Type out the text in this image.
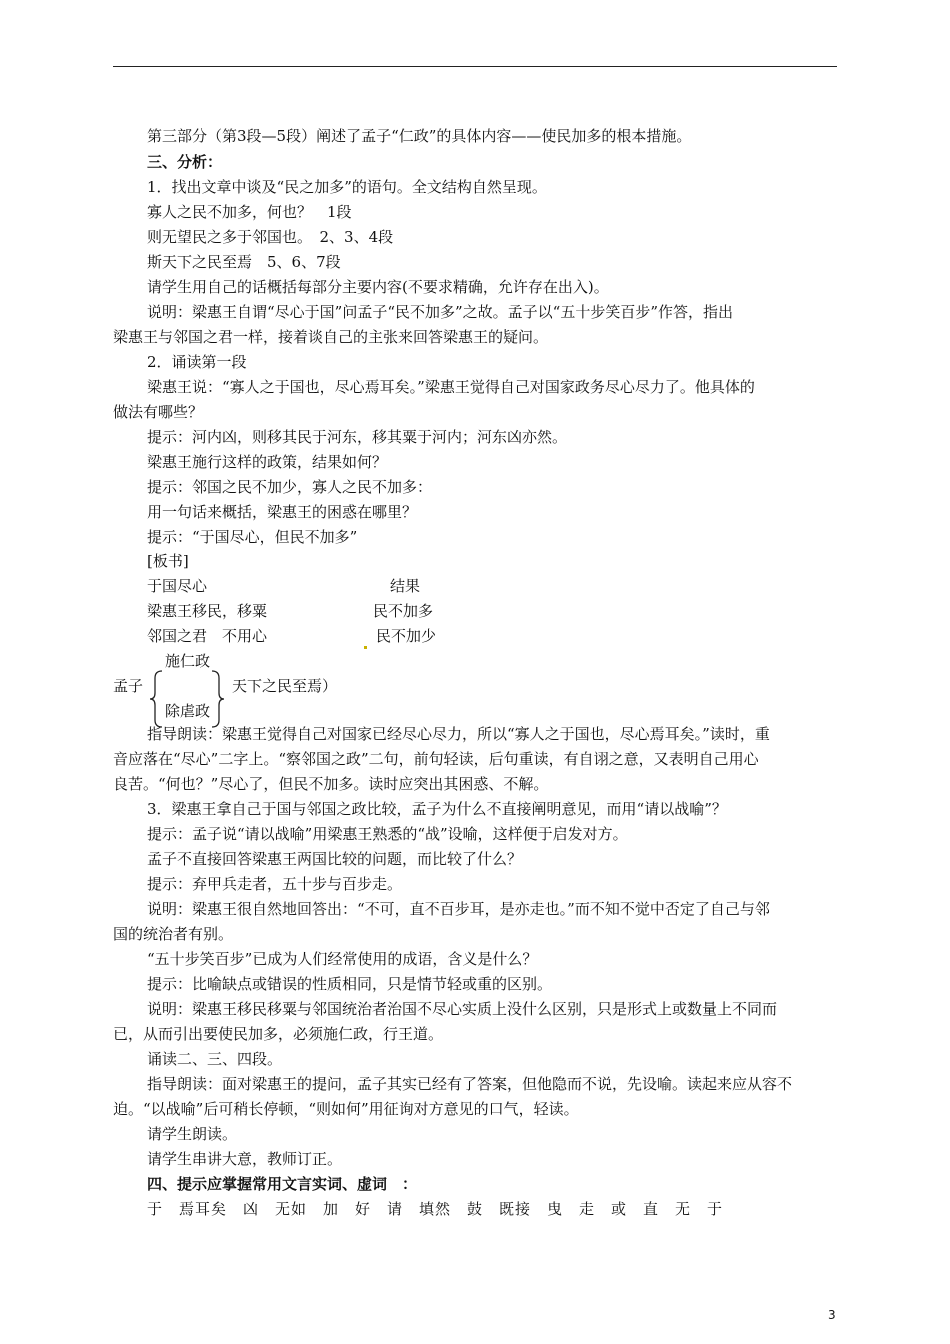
第三部分（第3段—5段）阐述了孟子“仁政”的具体内容——使民加多的根本措施。
三、分析：
1．找出文章中谈及“民之加多”的语句。全文结构自然呈现。
寡人之民不加多，何也？　1段
则无望民之多于邻国也。　2、3、4段
斯天下之民至焉　5、6、7段
请学生用自己的话概括每部分主要内容(不要求精确，允许存在出入)。
说明：梁惠王自谓“尽心于国”问孟子“民不加多”之故。孟子以“五十步笑百步”作答，指出
梁惠王与邻国之君一样，接着谈自己的主张来回答梁惠王的疑问。
2．诵读第一段
梁惠王说：“寡人之于国也，尽心焉耳矣。”梁惠王觉得自己对国家政务尽心尽力了。他具体的
做法有哪些？
提示：河内凶，则移其民于河东，移其粟于河内；河东凶亦然。
梁惠王施行这样的政策，结果如何？
提示：邻国之民不加少，寡人之民不加多：
用一句话来概括，梁惠王的困惑在哪里？
提示：“于国尽心，但民不加多”
[板书]
于国尽心	结果
梁惠王移民，移粟	民不加多
邻国之君　不用心	民不加少
施仁政
孟子	天下之民至焉）
除虐政
指导朗读：梁惠王觉得自己对国家已经尽心尽力，所以“寡人之于国也，尽心焉耳矣。”读时，重
音应落在“尽心”二字上。“察邻国之政”二句，前句轻读，后句重读，有自诩之意，又表明自己用心
良苦。“何也？”尽心了，但民不加多。读时应突出其困惑、不解。
3．梁惠王拿自己于国与邻国之政比较，孟子为什么不直接阐明意见，而用“请以战喻”？
提示：孟子说“请以战喻”用梁惠王熟悉的“战”设喻，这样便于启发对方。
孟子不直接回答梁惠王两国比较的问题，而比较了什么？
提示：弃甲兵走者，五十步与百步走。
说明：梁惠王很自然地回答出：“不可，直不百步耳，是亦走也。”而不知不觉中否定了自己与邻
国的统治者有别。
“五十步笑百步”已成为人们经常使用的成语，含义是什么？
提示：比喻缺点或错误的性质相同，只是情节轻或重的区别。
说明：梁惠王移民移粟与邻国统治者治国不尽心实质上没什么区别，只是形式上或数量上不同而
已，从而引出要使民加多，必须施仁政，行王道。
诵读二、三、四段。
指导朗读：面对梁惠王的提问，孟子其实已经有了答案，但他隐而不说，先设喻。读起来应从容不
迫。“以战喻”后可稍长停顿，“则如何”用征询对方意见的口气，轻读。
请学生朗读。
请学生串讲大意，教师订正。
四、提示应掌握常用文言实词、虚词　：
于　焉耳矣　凶　无如　加　好　请　填然　鼓　既接　曳　走　或　直　无　于
3
